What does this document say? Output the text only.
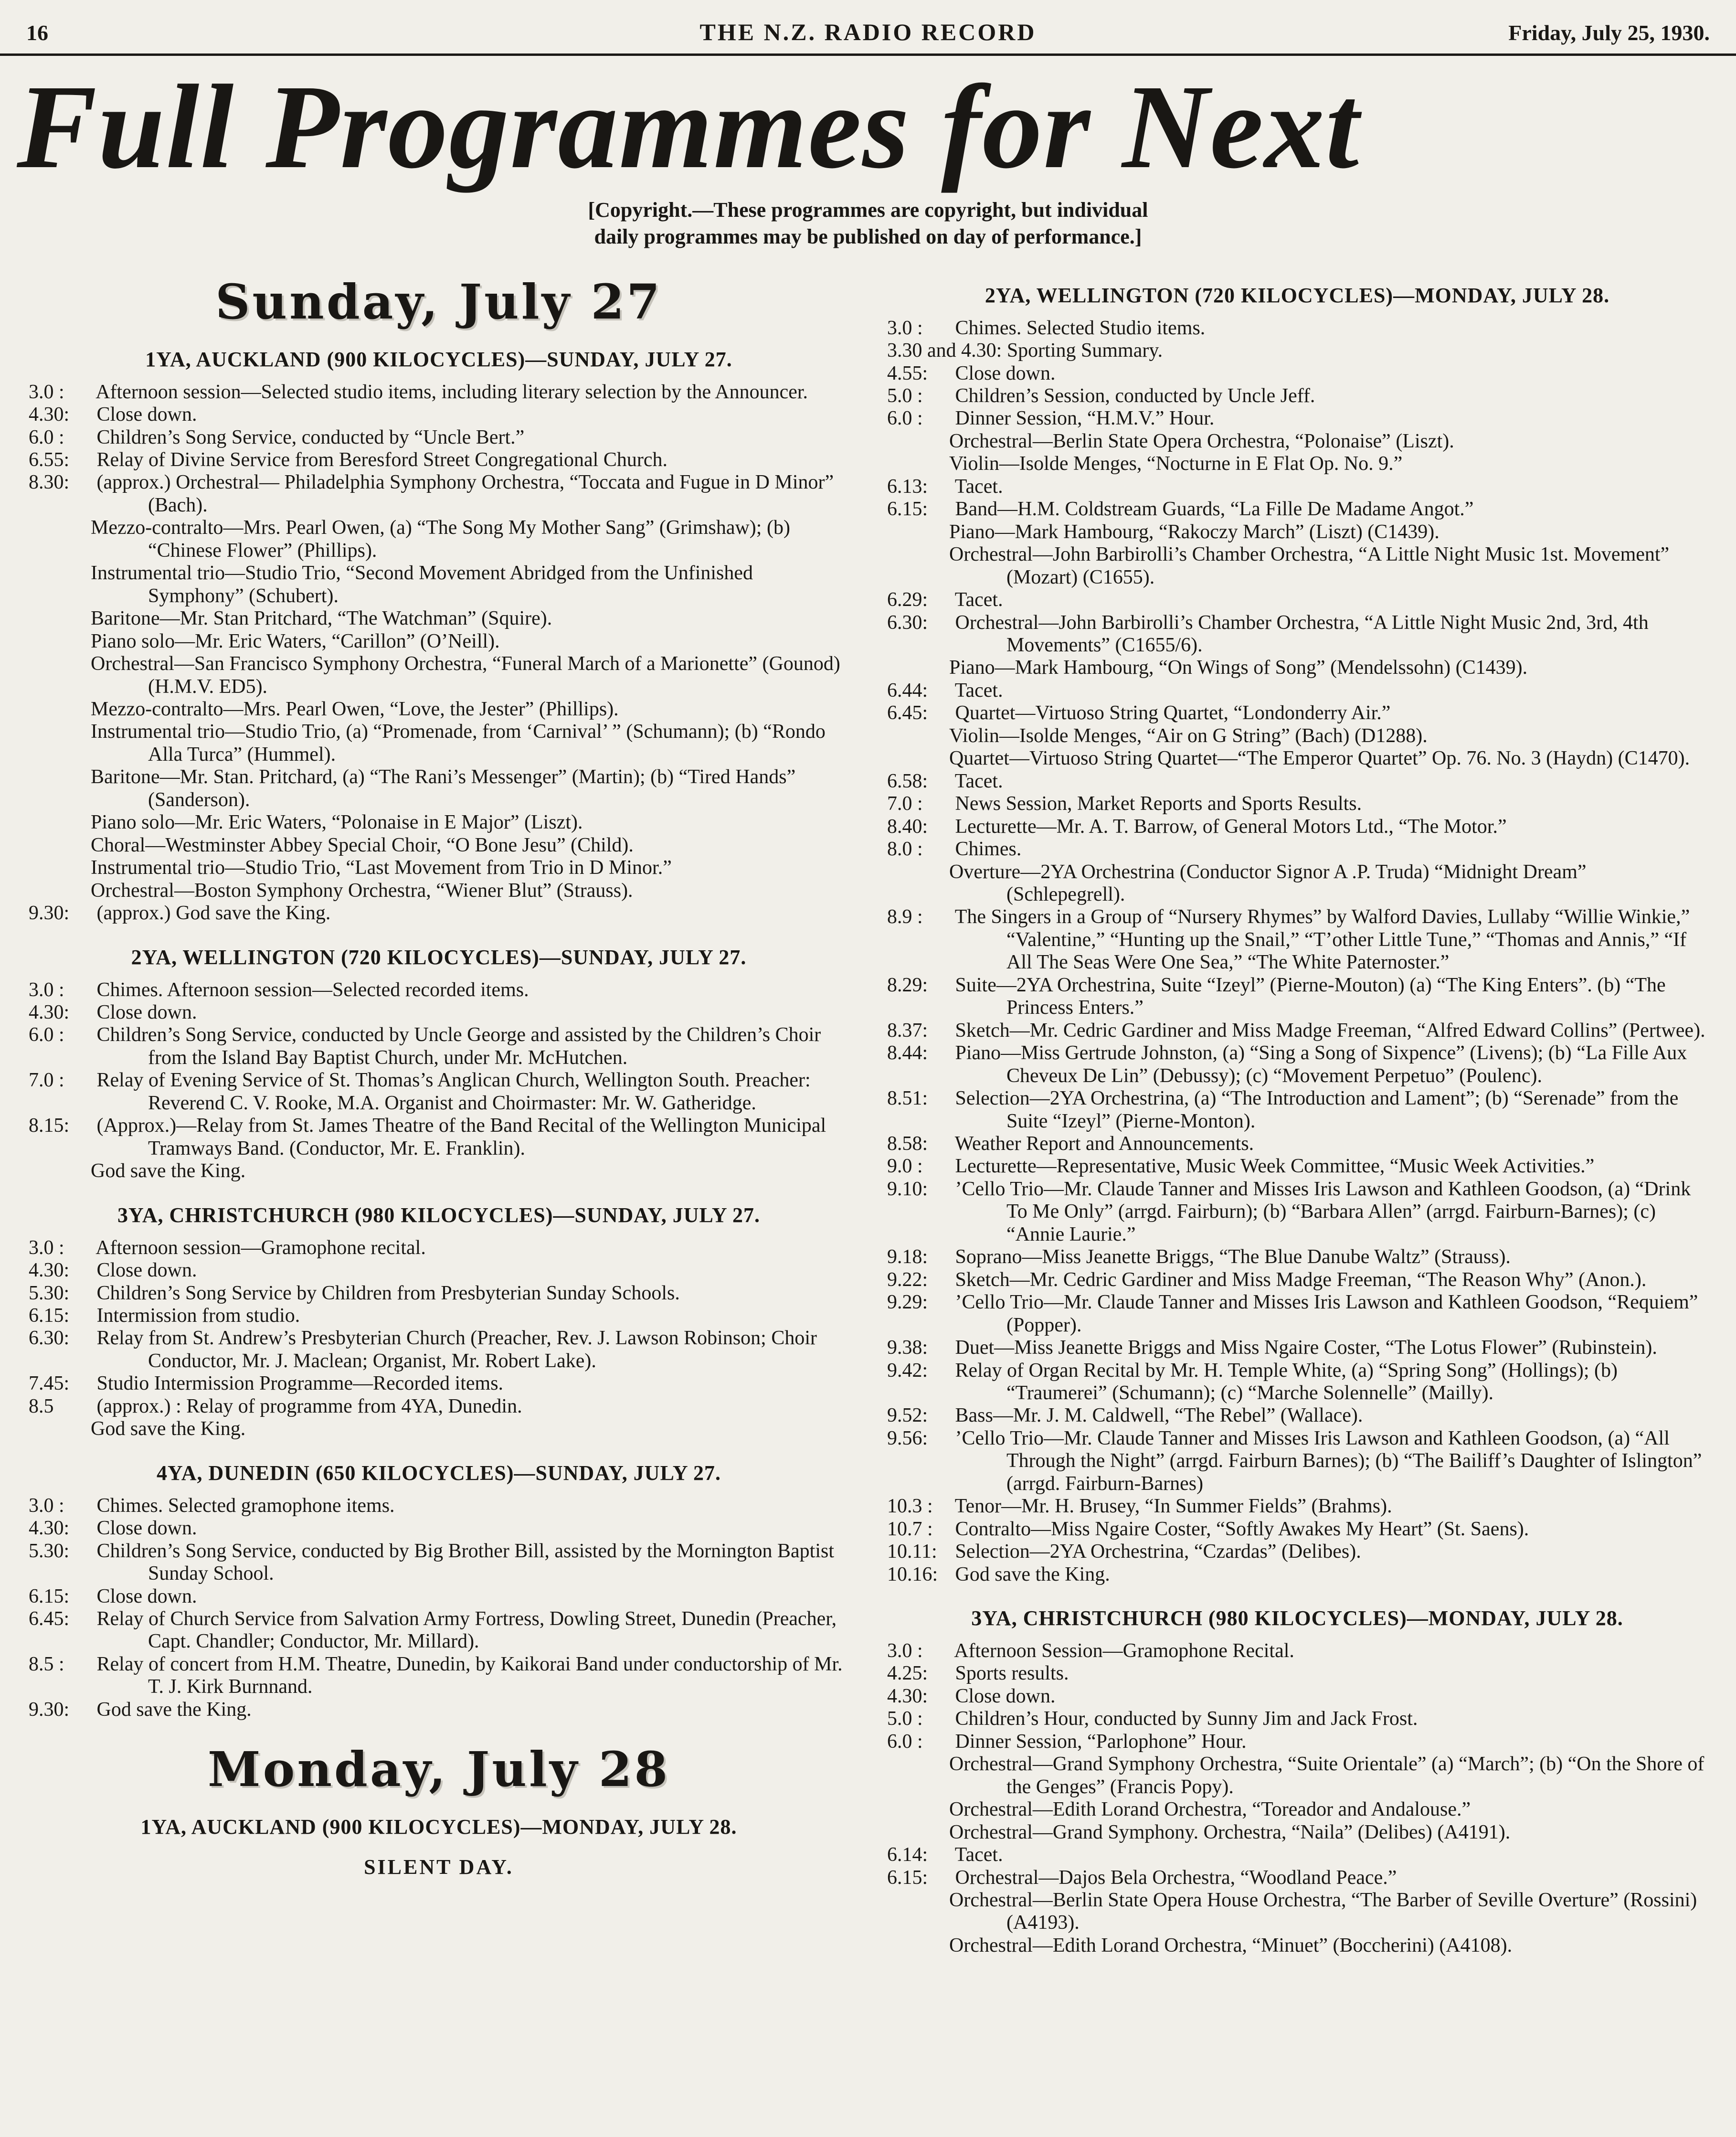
16	THE N.Z. RADIO RECORD	Friday, July 25, 1930.
Full Programmes for Next
[Copyright.—These programmes are copyright, but individual
daily programmes may be published on day of performance.]
Sunday, July 27
1YA, AUCKLAND (900 KILOCYCLES)—SUNDAY, JULY 27.

3.0 : Afternoon session—Selected studio items, including literary selection by the Announcer.

4.30: Close down.

6.0 : Children’s Song Service, conducted by “Uncle Bert.”

6.55: Relay of Divine Service from Beresford Street Congregational Church.

8.30: (approx.) Orchestral— Philadelphia Symphony Orchestra, “Toccata and Fugue in D Minor” (Bach).

Mezzo-contralto—Mrs. Pearl Owen, (a) “The Song My Mother Sang” (Grimshaw); (b) “Chinese Flower” (Phillips).

Instrumental trio—Studio Trio, “Second Movement Abridged from the Unfinished Symphony” (Schubert).

Baritone—Mr. Stan Pritchard, “The Watchman” (Squire).

Piano solo—Mr. Eric Waters, “Carillon” (O’Neill).

Orchestral—San Francisco Symphony Orchestra, “Funeral March of a Marionette” (Gounod) (H.M.V. ED5).

Mezzo-contralto—Mrs. Pearl Owen, “Love, the Jester” (Phillips).

Instrumental trio—Studio Trio, (a) “Promenade, from ‘Carnival’ ” (Schumann); (b) “Rondo Alla Turca” (Hummel).

Baritone—Mr. Stan. Pritchard, (a) “The Rani’s Messenger” (Martin); (b) “Tired Hands” (Sanderson).

Piano solo—Mr. Eric Waters, “Polonaise in E Major” (Liszt).

Choral—Westminster Abbey Special Choir, “O Bone Jesu” (Child).

Instrumental trio—Studio Trio, “Last Movement from Trio in D Minor.”

Orchestral—Boston Symphony Orchestra, “Wiener Blut” (Strauss).

9.30: (approx.) God save the King.

2YA, WELLINGTON (720 KILOCYCLES)—SUNDAY, JULY 27.

3.0 : Chimes. Afternoon session—Selected recorded items.

4.30: Close down.

6.0 : Children’s Song Service, conducted by Uncle George and assisted by the Children’s Choir from the Island Bay Baptist Church, under Mr. McHutchen.

7.0 : Relay of Evening Service of St. Thomas’s Anglican Church, Wellington South. Preacher: Reverend C. V. Rooke, M.A. Organist and Choirmaster: Mr. W. Gatheridge.

8.15: (Approx.)—Relay from St. James Theatre of the Band Recital of the Wellington Municipal Tramways Band. (Conductor, Mr. E. Franklin).

God save the King.

3YA, CHRISTCHURCH (980 KILOCYCLES)—SUNDAY, JULY 27.

3.0 : Afternoon session—Gramophone recital.

4.30: Close down.

5.30: Children’s Song Service by Children from Presbyterian Sunday Schools.

6.15: Intermission from studio.

6.30: Relay from St. Andrew’s Presbyterian Church (Preacher, Rev. J. Lawson Robinson; Choir Conductor, Mr. J. Maclean; Organist, Mr. Robert Lake).

7.45: Studio Intermission Programme—Recorded items.

8.5 (approx.) : Relay of programme from 4YA, Dunedin.

God save the King.

4YA, DUNEDIN (650 KILOCYCLES)—SUNDAY, JULY 27.

3.0 : Chimes. Selected gramophone items.

4.30: Close down.

5.30: Children’s Song Service, conducted by Big Brother Bill, assisted by the Mornington Baptist Sunday School.

6.15: Close down.

6.45: Relay of Church Service from Salvation Army Fortress, Dowling Street, Dunedin (Preacher, Capt. Chandler; Conductor, Mr. Millard).

8.5 : Relay of concert from H.M. Theatre, Dunedin, by Kaikorai Band under conductorship of Mr. T. J. Kirk Burnnand.

9.30: God save the King.

Monday, July 28
1YA, AUCKLAND (900 KILOCYCLES)—MONDAY, JULY 28.

SILENT DAY.

2YA, WELLINGTON (720 KILOCYCLES)—MONDAY, JULY 28.

3.0 : Chimes. Selected Studio items.

3.30 and 4.30: Sporting Summary.

4.55: Close down.

5.0 : Children’s Session, conducted by Uncle Jeff.

6.0 : Dinner Session, “H.M.V.” Hour.

Orchestral—Berlin State Opera Orchestra, “Polonaise” (Liszt).

Violin—Isolde Menges, “Nocturne in E Flat Op. No. 9.”

6.13: Tacet.

6.15: Band—H.M. Coldstream Guards, “La Fille De Madame Angot.”

Piano—Mark Hambourg, “Rakoczy March” (Liszt) (C1439).

Orchestral—John Barbirolli’s Chamber Orchestra, “A Little Night Music 1st. Movement” (Mozart) (C1655).

6.29: Tacet.

6.30: Orchestral—John Barbirolli’s Chamber Orchestra, “A Little Night Music 2nd, 3rd, 4th Movements” (C1655/6).

Piano—Mark Hambourg, “On Wings of Song” (Mendelssohn) (C1439).

6.44: Tacet.

6.45: Quartet—Virtuoso String Quartet, “Londonderry Air.”

Violin—Isolde Menges, “Air on G String” (Bach) (D1288).

Quartet—Virtuoso String Quartet—“The Emperor Quartet” Op. 76. No. 3 (Haydn) (C1470).

6.58: Tacet.

7.0 : News Session, Market Reports and Sports Results.

8.40: Lecturette—Mr. A. T. Barrow, of General Motors Ltd., “The Motor.”

8.0 : Chimes.

Overture—2YA Orchestrina (Conductor Signor A .P. Truda) “Midnight Dream” (Schlepegrell).

8.9 : The Singers in a Group of “Nursery Rhymes” by Walford Davies, Lullaby “Willie Winkie,” “Valentine,” “Hunting up the Snail,” “T’other Little Tune,” “Thomas and Annis,” “If All The Seas Were One Sea,” “The White Paternoster.”

8.29: Suite—2YA Orchestrina, Suite “Izeyl” (Pierne-Mouton) (a) “The King Enters”. (b) “The Princess Enters.”

8.37: Sketch—Mr. Cedric Gardiner and Miss Madge Freeman, “Alfred Edward Collins” (Pertwee).

8.44: Piano—Miss Gertrude Johnston, (a) “Sing a Song of Sixpence” (Livens); (b) “La Fille Aux Cheveux De Lin” (Debussy); (c) “Movement Perpetuo” (Poulenc).

8.51: Selection—2YA Orchestrina, (a) “The Introduction and Lament”; (b) “Serenade” from the Suite “Izeyl” (Pierne-Monton).

8.58: Weather Report and Announcements.

9.0 : Lecturette—Representative, Music Week Committee, “Music Week Activities.”

9.10: ’Cello Trio—Mr. Claude Tanner and Misses Iris Lawson and Kathleen Goodson, (a) “Drink To Me Only” (arrgd. Fairburn); (b) “Barbara Allen” (arrgd. Fairburn-Barnes); (c) “Annie Laurie.”

9.18: Soprano—Miss Jeanette Briggs, “The Blue Danube Waltz” (Strauss).

9.22: Sketch—Mr. Cedric Gardiner and Miss Madge Freeman, “The Reason Why” (Anon.).

9.29: ’Cello Trio—Mr. Claude Tanner and Misses Iris Lawson and Kathleen Goodson, “Requiem” (Popper).

9.38: Duet—Miss Jeanette Briggs and Miss Ngaire Coster, “The Lotus Flower” (Rubinstein).

9.42: Relay of Organ Recital by Mr. H. Temple White, (a) “Spring Song” (Hollings); (b) “Traumerei” (Schumann); (c) “Marche Solennelle” (Mailly).

9.52: Bass—Mr. J. M. Caldwell, “The Rebel” (Wallace).

9.56: ’Cello Trio—Mr. Claude Tanner and Misses Iris Lawson and Kathleen Goodson, (a) “All Through the Night” (arrgd. Fairburn Barnes); (b) “The Bailiff’s Daughter of Islington” (arrgd. Fairburn-Barnes)

10.3 : Tenor—Mr. H. Brusey, “In Summer Fields” (Brahms).

10.7 : Contralto—Miss Ngaire Coster, “Softly Awakes My Heart” (St. Saens).

10.11: Selection—2YA Orchestrina, “Czardas” (Delibes).

10.16: God save the King.

3YA, CHRISTCHURCH (980 KILOCYCLES)—MONDAY, JULY 28.

3.0 : Afternoon Session—Gramophone Recital.

4.25: Sports results.

4.30: Close down.

5.0 : Children’s Hour, conducted by Sunny Jim and Jack Frost.

6.0 : Dinner Session, “Parlophone” Hour.

Orchestral—Grand Symphony Orchestra, “Suite Orientale” (a) “March”; (b) “On the Shore of the Genges” (Francis Popy).

Orchestral—Edith Lorand Orchestra, “Toreador and Andalouse.”

Orchestral—Grand Symphony. Orchestra, “Naila” (Delibes) (A4191).

6.14: Tacet.

6.15: Orchestral—Dajos Bela Orchestra, “Woodland Peace.”

Orchestral—Berlin State Opera House Orchestra, “The Barber of Seville Overture” (Rossini) (A4193).

Orchestral—Edith Lorand Orchestra, “Minuet” (Boccherini) (A4108).
